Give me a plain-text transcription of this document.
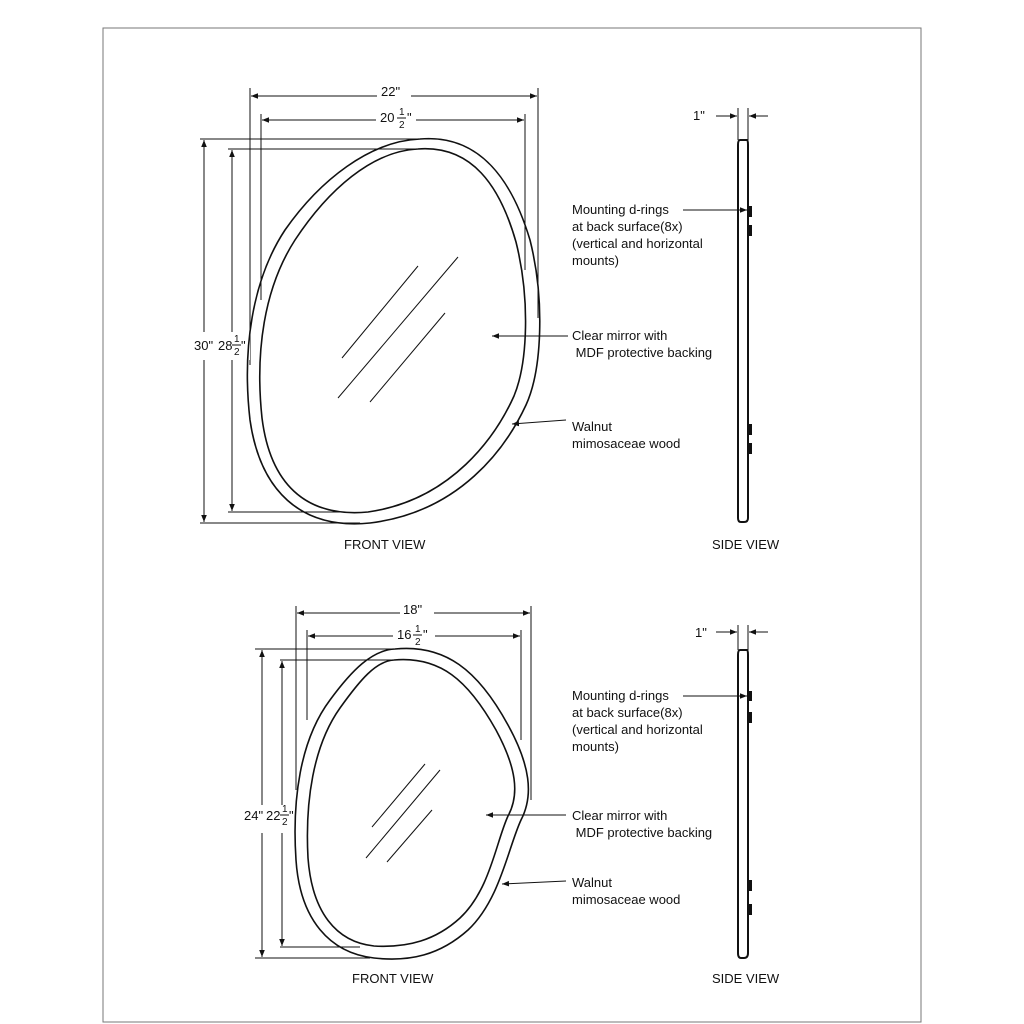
22"
20 1
2
"
30" 28 1
2 "
FRONT VIEW
Mounting d-rings
at back surface(8x)
(vertical and horizontal
mounts)
Clear mirror with
MDF protective backing
Walnut
mimosaceae wood
1"
SIDE VIEW
18"
16 1
2
"
24" 22 1
2 "
FRONT VIEW
Mounting d-rings
at back surface(8x)
(vertical and horizontal
mounts)
Clear mirror with
MDF protective backing
Walnut
mimosaceae wood
1"
SIDE VIEW
